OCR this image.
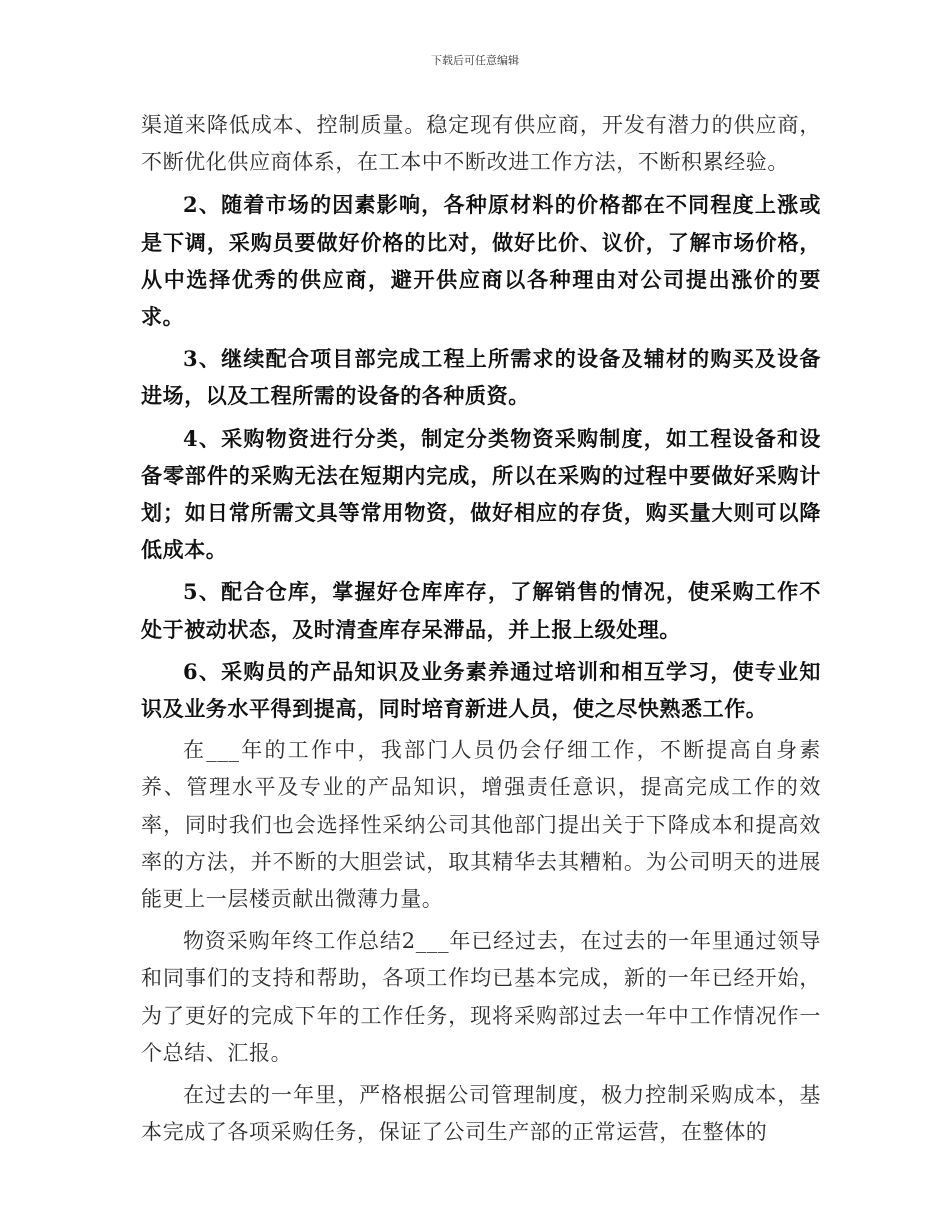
下载后可任意编辑

渠道来降低成本、控制质量。稳定现有供应商，开发有潜力的供应商，不断优化供应商体系，在工本中不断改进工作方法，不断积累经验。

2、随着市场的因素影响，各种原材料的价格都在不同程度上涨或是下调，采购员要做好价格的比对，做好比价、议价，了解市场价格，从中选择优秀的供应商，避开供应商以各种理由对公司提出涨价的要求。

3、继续配合项目部完成工程上所需求的设备及辅材的购买及设备进场，以及工程所需的设备的各种质资。

4、采购物资进行分类，制定分类物资采购制度，如工程设备和设备零部件的采购无法在短期内完成，所以在采购的过程中要做好采购计划；如日常所需文具等常用物资，做好相应的存货，购买量大则可以降低成本。

5、配合仓库，掌握好仓库库存，了解销售的情况，使采购工作不处于被动状态，及时清查库存呆滞品，并上报上级处理。

6、采购员的产品知识及业务素养通过培训和相互学习，使专业知识及业务水平得到提高，同时培育新进人员，使之尽快熟悉工作。

在___年的工作中，我部门人员仍会仔细工作，不断提高自身素养、管理水平及专业的产品知识，增强责任意识，提高完成工作的效率，同时我们也会选择性采纳公司其他部门提出关于下降成本和提高效率的方法，并不断的大胆尝试，取其精华去其糟粕。为公司明天的进展能更上一层楼贡献出微薄力量。

物资采购年终工作总结2___年已经过去，在过去的一年里通过领导和同事们的支持和帮助，各项工作均已基本完成，新的一年已经开始，为了更好的完成下年的工作任务，现将采购部过去一年中工作情况作一个总结、汇报。

在过去的一年里，严格根据公司管理制度，极力控制采购成本，基本完成了各项采购任务，保证了公司生产部的正常运营，在整体的
